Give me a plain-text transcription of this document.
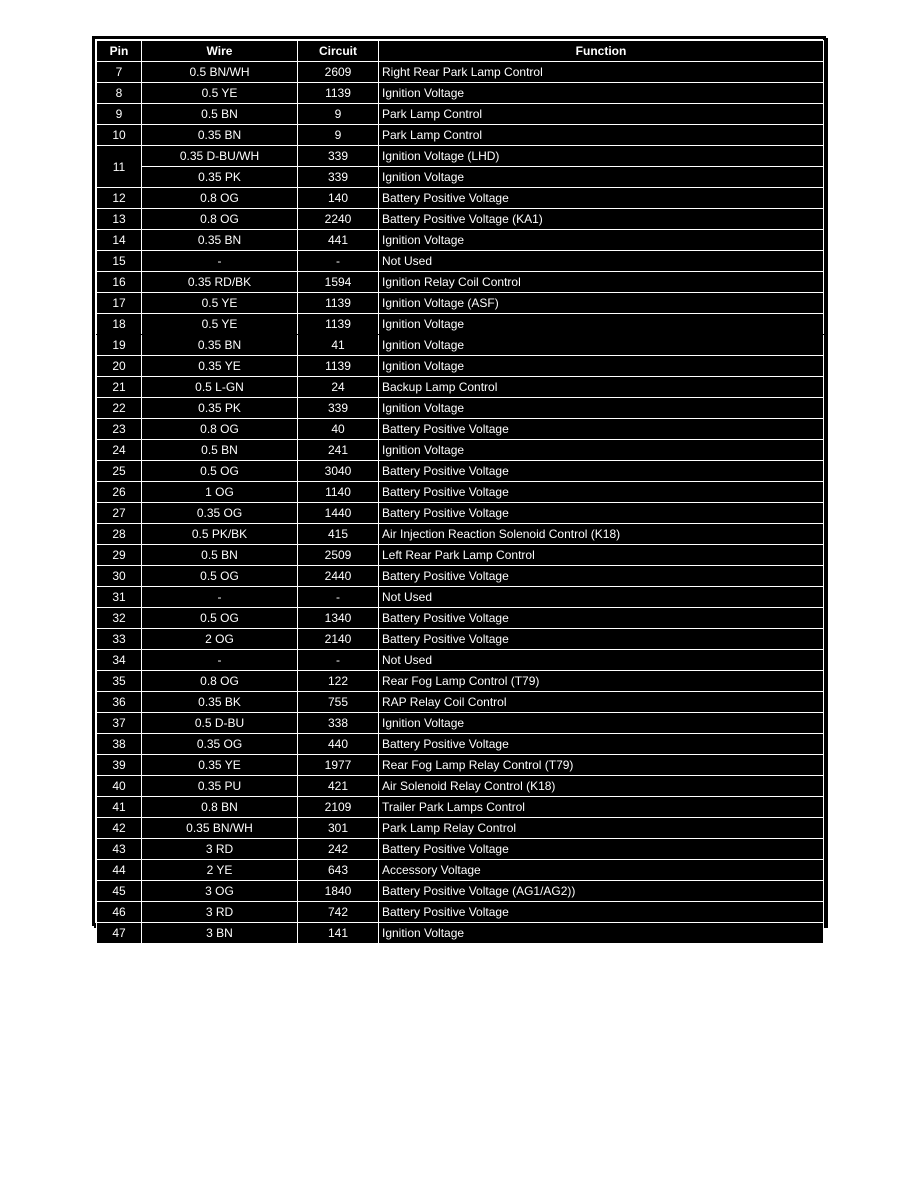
Pin	Wire	Circuit	Function
7	0.5 BN/WH	2609	Right Rear Park Lamp Control
8	0.5 YE	1139	Ignition Voltage
9	0.5 BN	9	Park Lamp Control
10	0.35 BN	9	Park Lamp Control
11	0.35 D-BU/WH	339	Ignition Voltage (LHD)
	0.35 PK	339	Ignition Voltage
12	0.8 OG	140	Battery Positive Voltage
13	0.8 OG	2240	Battery Positive Voltage (KA1)
14	0.35 BN	441	Ignition Voltage
15	-	-	Not Used
16	0.35 RD/BK	1594	Ignition Relay Coil Control
17	0.5 YE	1139	Ignition Voltage (ASF)
18	0.5 YE	1139	Ignition Voltage
19	0.35 BN	41	Ignition Voltage
20	0.35 YE	1139	Ignition Voltage
21	0.5 L-GN	24	Backup Lamp Control
22	0.35 PK	339	Ignition Voltage
23	0.8 OG	40	Battery Positive Voltage
24	0.5 BN	241	Ignition Voltage
25	0.5 OG	3040	Battery Positive Voltage
26	1 OG	1140	Battery Positive Voltage
27	0.35 OG	1440	Battery Positive Voltage
28	0.5 PK/BK	415	Air Injection Reaction Solenoid Control (K18)
29	0.5 BN	2509	Left Rear Park Lamp Control
30	0.5 OG	2440	Battery Positive Voltage
31	-	-	Not Used
32	0.5 OG	1340	Battery Positive Voltage
33	2 OG	2140	Battery Positive Voltage
34	-	-	Not Used
35	0.8 OG	122	Rear Fog Lamp Control (T79)
36	0.35 BK	755	RAP Relay Coil Control
37	0.5 D-BU	338	Ignition Voltage
38	0.35 OG	440	Battery Positive Voltage
39	0.35 YE	1977	Rear Fog Lamp Relay Control (T79)
40	0.35 PU	421	Air Solenoid Relay Control (K18)
41	0.8 BN	2109	Trailer Park Lamps Control
42	0.35 BN/WH	301	Park Lamp Relay Control
43	3 RD	242	Battery Positive Voltage
44	2 YE	643	Accessory Voltage
45	3 OG	1840	Battery Positive Voltage (AG1/AG2))
46	3 RD	742	Battery Positive Voltage
47	3 BN	141	Ignition Voltage
